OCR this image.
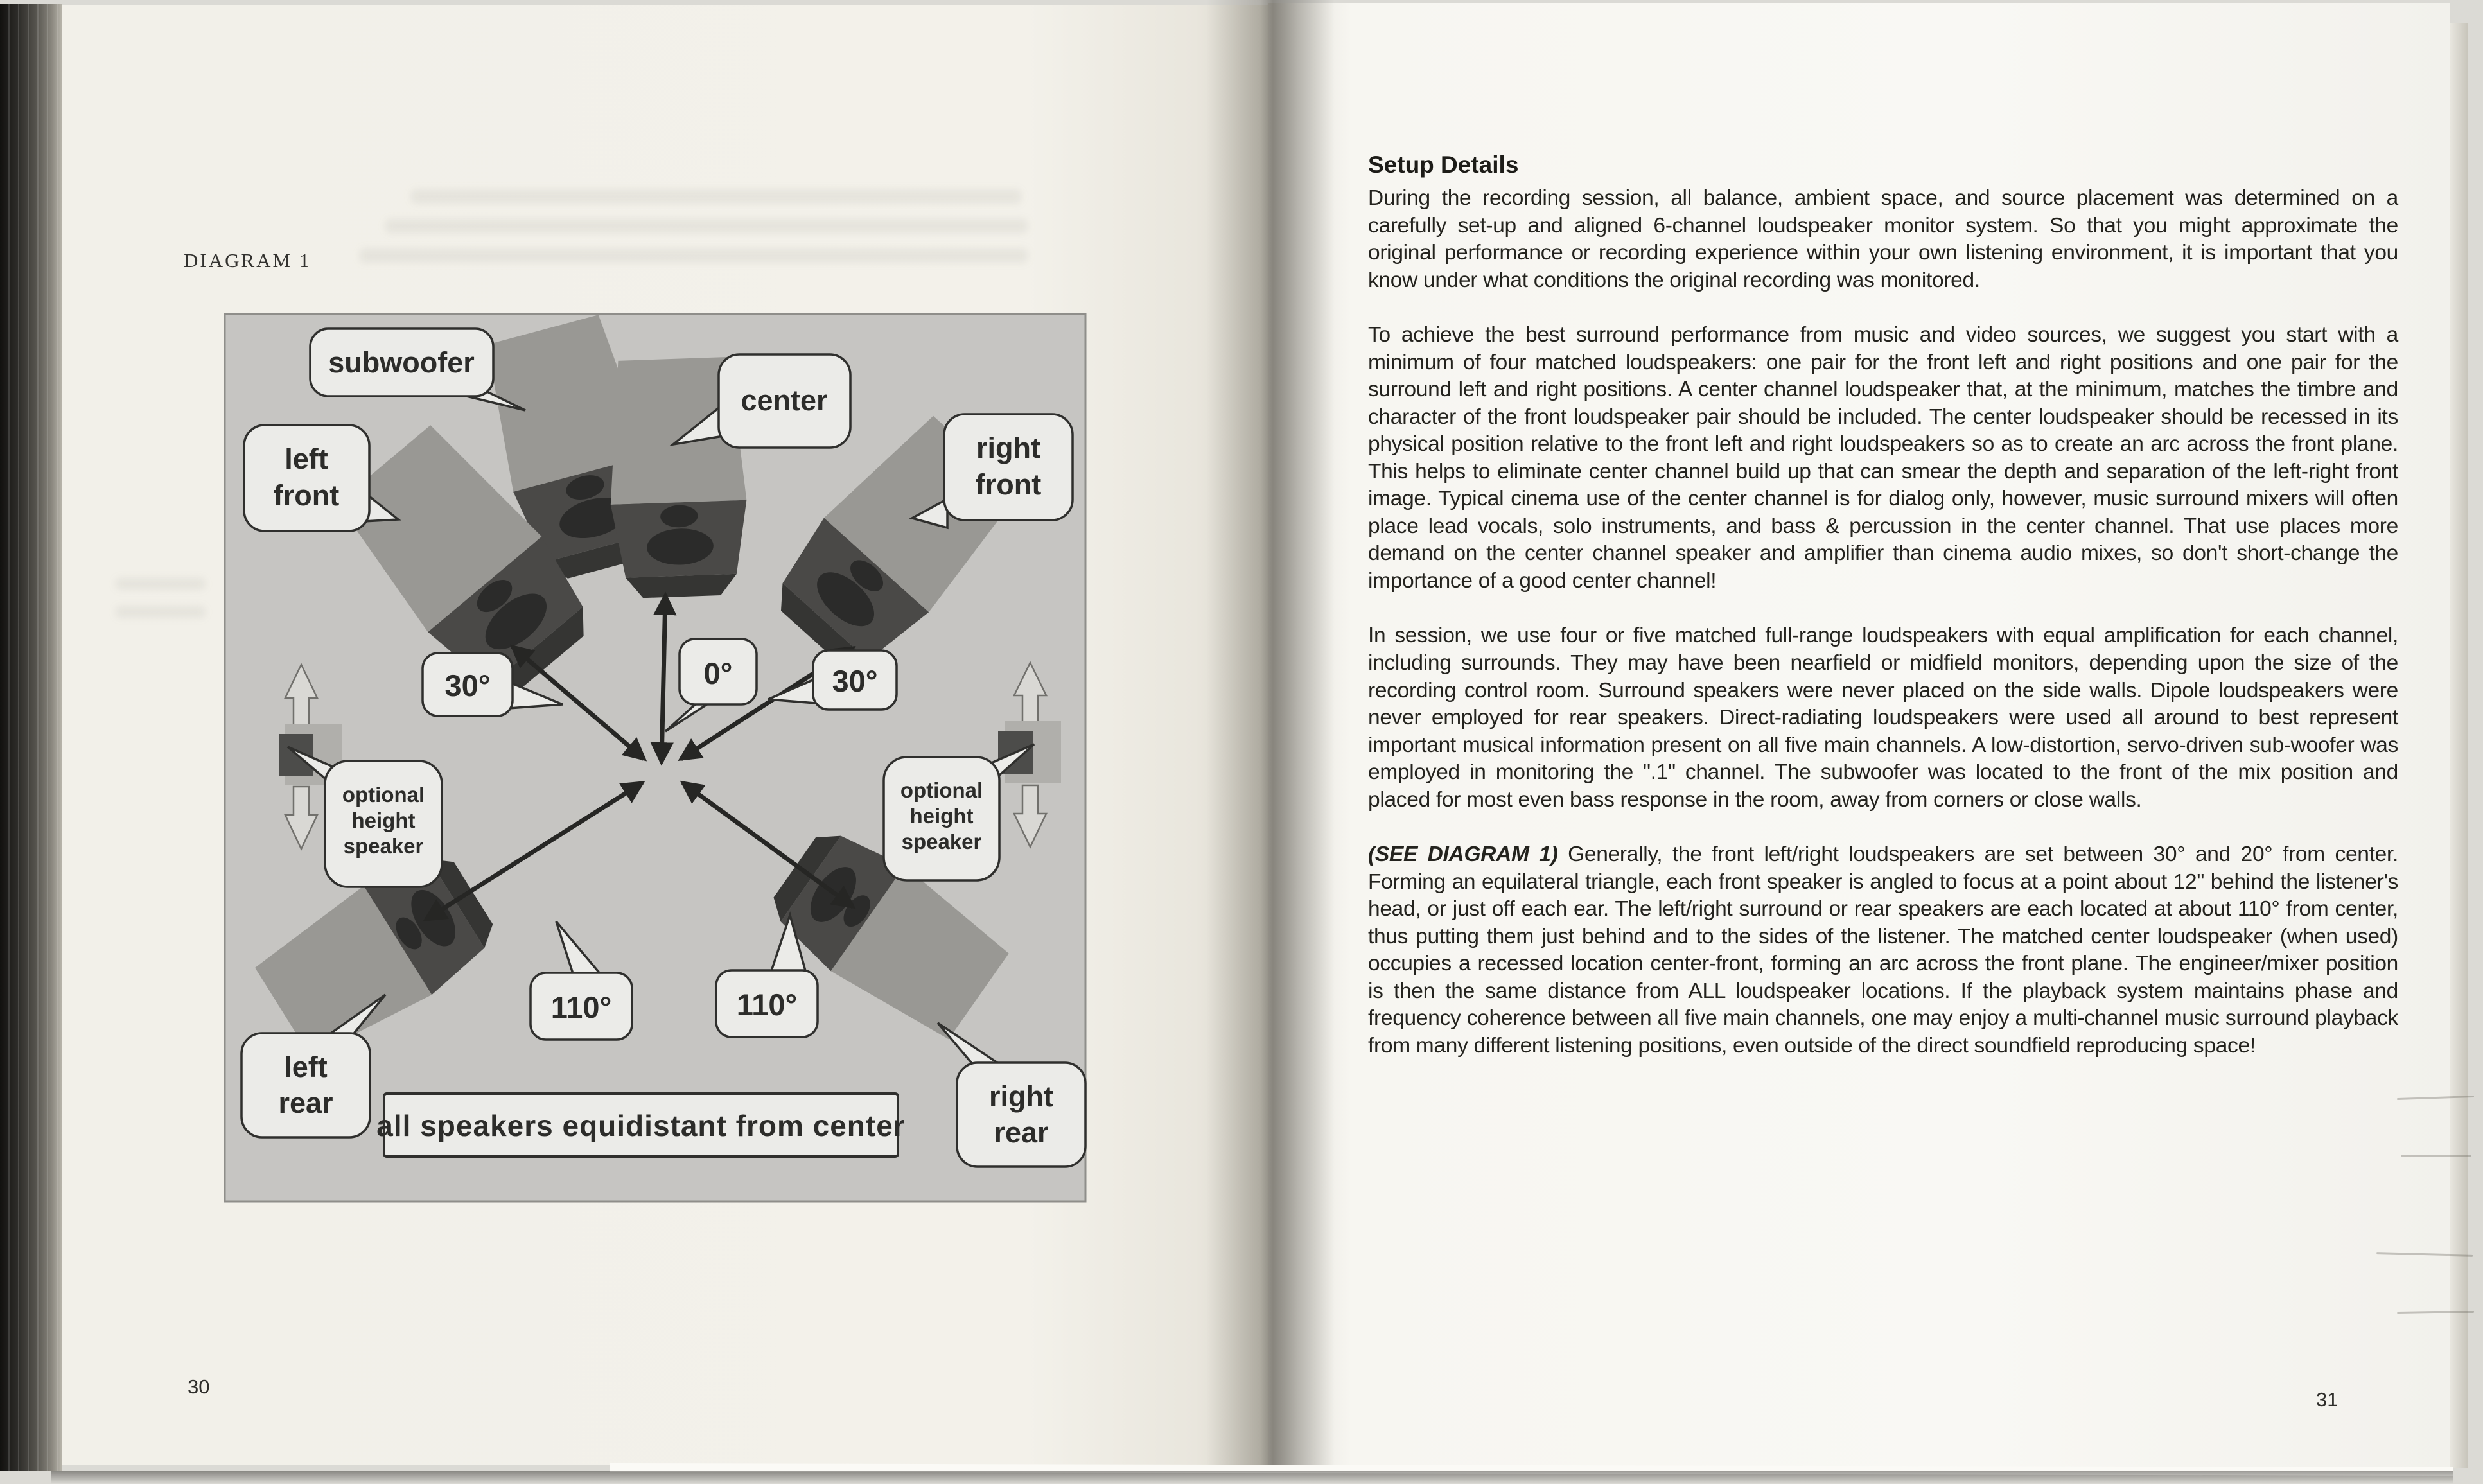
DIAGRAM 1
subwoofer
center
left
front
right
front
0°
30°	30°
110°	110°
optional
height
speaker
optional
height
speaker
left
rear	right
rear
all speakers equidistant from center
30
Setup Details

During the recording session, all balance, ambient space, and source placement was determined on a carefully set-up and aligned 6-channel loudspeaker monitor system. So that you might approximate the original performance or recording experience within your own listening environment, it is important that you know under what conditions the original recording was monitored.

To achieve the best surround performance from music and video sources, we suggest you start with a minimum of four matched loudspeakers: one pair for the front left and right positions and one pair for the surround left and right positions. A center channel loudspeaker that, at the minimum, matches the timbre and character of the front loudspeaker pair should be included. The center loudspeaker should be recessed in its physical position relative to the front left and right loudspeakers so as to create an arc across the front plane. This helps to eliminate center channel build up that can smear the depth and separation of the left-right front image. Typical cinema use of the center channel is for dialog only, however, music surround mixers will often place lead vocals, solo instruments, and bass & percussion in the center channel. That use places more demand on the center channel speaker and amplifier than cinema audio mixes, so don't short-change the importance of a good center channel!

In session, we use four or five matched full-range loudspeakers with equal amplification for each channel, including surrounds. They may have been nearfield or midfield monitors, depending upon the size of the recording control room. Surround speakers were never placed on the side walls. Dipole loudspeakers were never employed for rear speakers. Direct-radiating loudspeakers were used all around to best represent important musical information present on all five main channels. A low-distortion, servo-driven sub-woofer was employed in monitoring the ".1" channel. The subwoofer was located to the front of the mix position and placed for most even bass response in the room, away from corners or close walls.

(SEE DIAGRAM 1) Generally, the front left/right loudspeakers are set between 30° and 20° from center. Forming an equilateral triangle, each front speaker is angled to focus at a point about 12" behind the listener's head, or just off each ear. The left/right surround or rear speakers are each located at about 110° from center, thus putting them just behind and to the sides of the listener. The matched center loudspeaker (when used) occupies a recessed location center-front, forming an arc across the front plane. The engineer/mixer position is then the same distance from ALL loudspeaker locations. If the playback system maintains phase and frequency coherence between all five main channels, one may enjoy a multi-channel music surround playback from many different listening positions, even outside of the direct soundfield reproducing space!

31
